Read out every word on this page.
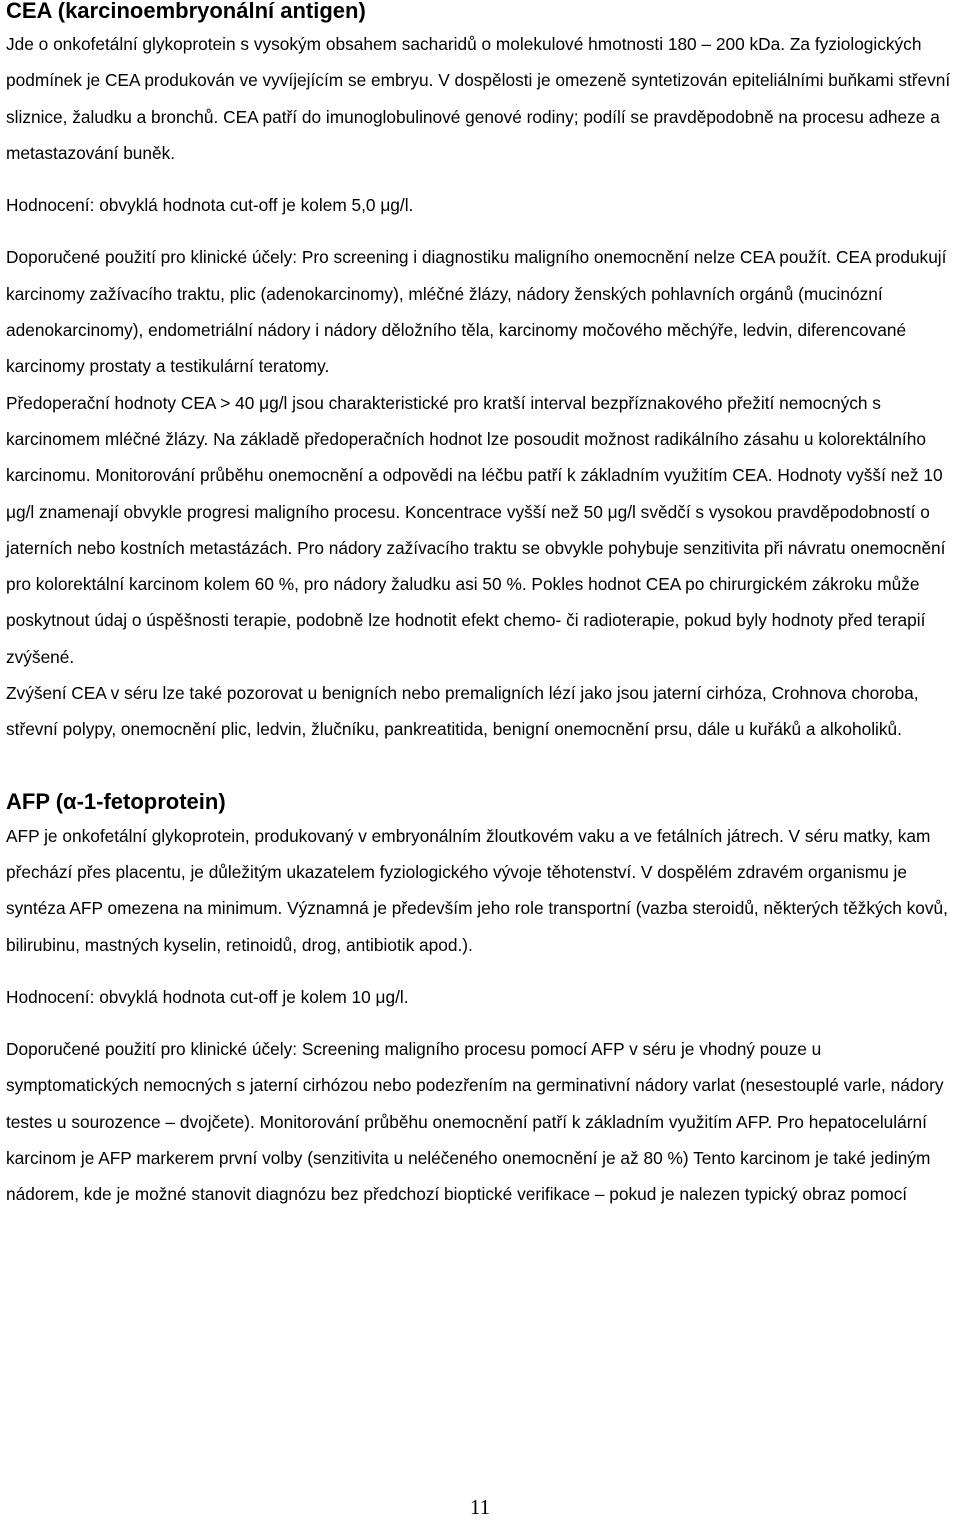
CEA (karcinoembryonální antigen)

Jde o onkofetální glykoprotein s vysokým obsahem sacharidů o molekulové hmotnosti 180 – 200 kDa. Za fyziologických podmínek je CEA produkován ve vyvíjejícím se embryu. V dospělosti je omezeně syntetizován epiteliálními buňkami střevní sliznice, žaludku a bronchů. CEA patří do imunoglobulinové genové rodiny; podílí se pravděpodobně na procesu adheze a metastazování buněk.

Hodnocení: obvyklá hodnota cut-off je kolem 5,0 μg/l.

Doporučené použití pro klinické účely: Pro screening i diagnostiku maligního onemocnění nelze CEA použít. CEA produkují karcinomy zažívacího traktu, plic (adenokarcinomy), mléčné žlázy, nádory ženských pohlavních orgánů (mucinózní adenokarcinomy), endometriální nádory i nádory děložního těla, karcinomy močového měchýře, ledvin, diferencované karcinomy prostaty a testikulární teratomy.

Předoperační hodnoty CEA > 40 μg/l jsou charakteristické pro kratší interval bezpříznakového přežití nemocných s karcinomem mléčné žlázy. Na základě předoperačních hodnot lze posoudit možnost radikálního zásahu u kolorektálního karcinomu. Monitorování průběhu onemocnění a odpovědi na léčbu patří k základním využitím CEA. Hodnoty vyšší než 10 μg/l znamenají obvykle progresi maligního procesu. Koncentrace vyšší než 50 μg/l svědčí s vysokou pravděpodobností o jaterních nebo kostních metastázách. Pro nádory zažívacího traktu se obvykle pohybuje senzitivita při návratu onemocnění pro kolorektální karcinom kolem 60 %, pro nádory žaludku asi 50 %. Pokles hodnot CEA po chirurgickém zákroku může poskytnout údaj o úspěšnosti terapie, podobně lze hodnotit efekt chemo- či radioterapie, pokud byly hodnoty před terapií zvýšené.

Zvýšení CEA v séru lze také pozorovat u benigních nebo premaligních lézí jako jsou jaterní cirhóza, Crohnova choroba, střevní polypy, onemocnění plic, ledvin, žlučníku, pankreatitida, benigní onemocnění prsu, dále u kuřáků a alkoholiků.

AFP (α-1-fetoprotein)

AFP je onkofetální glykoprotein, produkovaný v embryonálním žloutkovém vaku a ve fetálních játrech. V séru matky, kam přechází přes placentu, je důležitým ukazatelem fyziologického vývoje těhotenství. V dospělém zdravém organismu je syntéza AFP omezena na minimum. Významná je především jeho role transportní (vazba steroidů, některých těžkých kovů, bilirubinu, mastných kyselin, retinoidů, drog, antibiotik apod.).

Hodnocení: obvyklá hodnota cut-off je kolem 10 μg/l.

Doporučené použití pro klinické účely: Screening maligního procesu pomocí AFP v séru je vhodný pouze u symptomatických nemocných s jaterní cirhózou nebo podezřením na germinativní nádory varlat (nesestouplé varle, nádory testes u sourozence – dvojčete). Monitorování průběhu onemocnění patří k základním využitím AFP. Pro hepatocelulární karcinom je AFP markerem první volby (senzitivita u neléčeného onemocnění je až 80 %) Tento karcinom je také jediným nádorem, kde je možné stanovit diagnózu bez předchozí bioptické verifikace – pokud je nalezen typický obraz pomocí

11
